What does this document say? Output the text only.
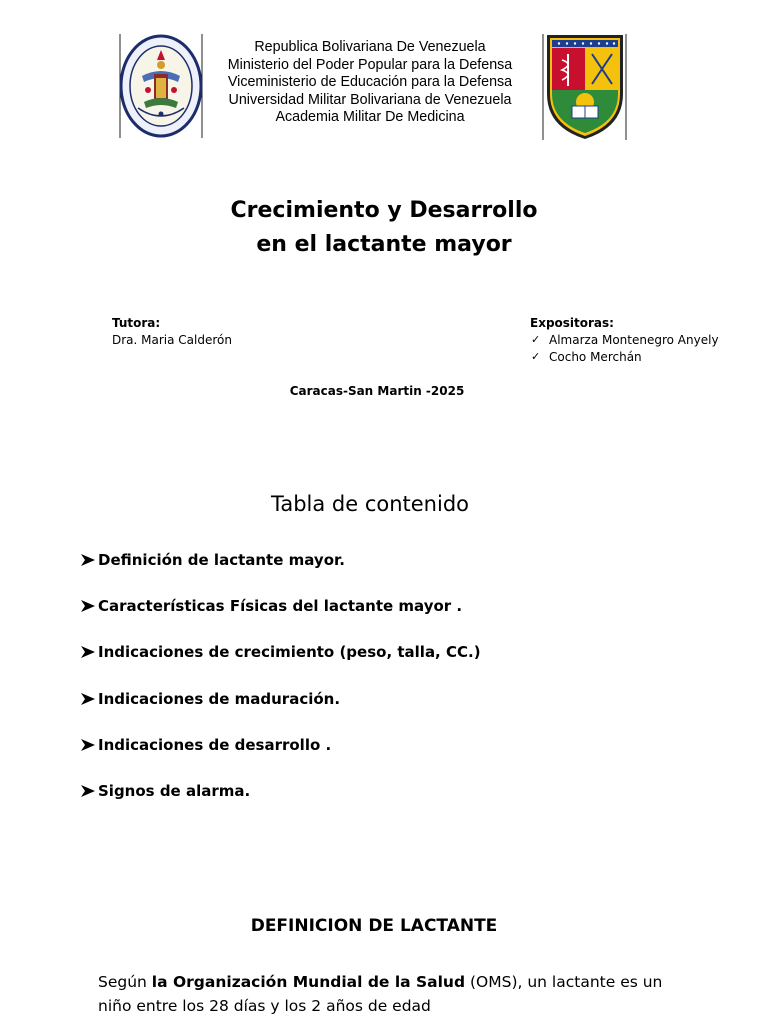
Republica Bolivariana De Venezuela
Ministerio del Poder Popular para la Defensa
Viceministerio de Educación para la Defensa
Universidad Militar Bolivariana de Venezuela
Academia Militar De Medicina
Crecimiento y Desarrollo
en el lactante mayor
Tutora:
Dra. Maria Calderón
Expositoras:
✓ Almarza Montenegro Anyely
✓ Cocho Merchán
Caracas-San Martin -2025
Tabla de contenido
Definición de lactante mayor.
Características Físicas del lactante mayor .
Indicaciones de crecimiento (peso, talla, CC.)
Indicaciones de maduración.
Indicaciones de desarrollo .
Signos de alarma.
DEFINICION DE LACTANTE
Según la Organización Mundial de la Salud (OMS), un lactante es un niño entre los 28 días y los 2 años de edad
